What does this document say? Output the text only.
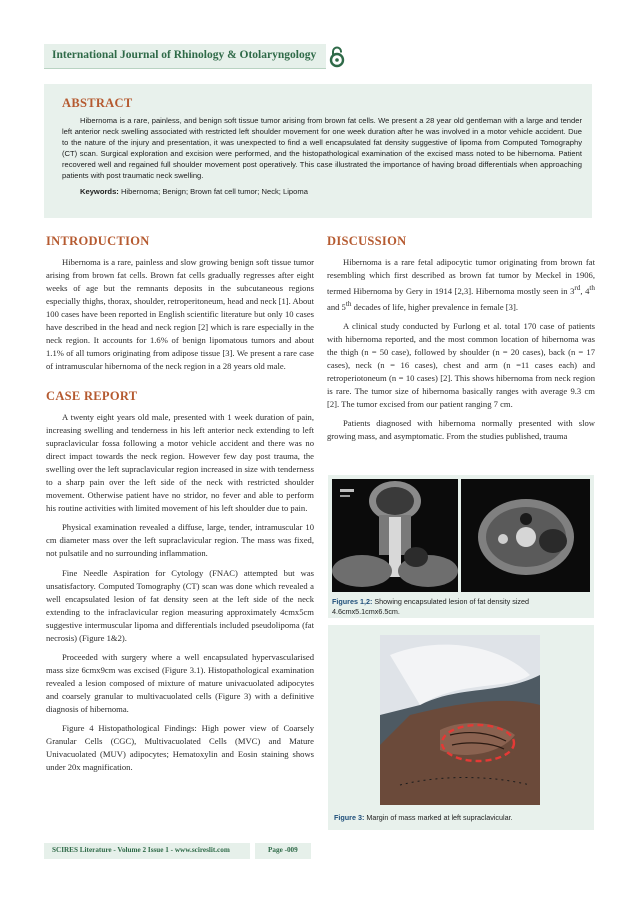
International Journal of Rhinology & Otolaryngology
ABSTRACT

Hibernoma is a rare, painless, and benign soft tissue tumor arising from brown fat cells. We present a 28 year old gentleman with a large and tender left anterior neck swelling associated with restricted left shoulder movement for one week duration after he was involved in a motor vehicle accident. Due to the nature of the injury and presentation, it was unexpected to find a well encapsulated fat density suggestive of lipoma from Computed Tomography (CT) scan. Surgical exploration and excision were performed, and the histopathological examination of the excised mass noted to be hibernoma. Patient recovered well and regained full shoulder movement post operatively. This case illustrated the importance of having broad differentials when approaching patients with post traumatic neck swelling.

Keywords: Hibernoma; Benign; Brown fat cell tumor; Neck; Lipoma
INTRODUCTION

Hibernoma is a rare, painless and slow growing benign soft tissue tumor arising from brown fat cells. Brown fat cells gradually regresses after eight weeks of age but the remnants deposits in the subcutaneous regions especially thighs, thorax, shoulder, retroperitoneum, head and neck [1]. About 100 cases have been reported in English scientific literature but only 10 cases have described in the head and neck region [2] which is rare especially in the neck region. It accounts for 1.6% of benign lipomatous tumors and about 1.1% of all tumors originating from adipose tissue [3]. We present a rare case of intramuscular hibernoma of the neck region in a 28 years old male.

CASE REPORT

A twenty eight years old male, presented with 1 week duration of pain, increasing swelling and tenderness in his left anterior neck extending to left supraclavicular fossa following a motor vehicle accident and there was no direct impact towards the neck region. However few day post trauma, the swelling over the left supraclavicular region increased in size with tenderness to a sharp pain over the left side of the neck with restricted shoulder movement. Otherwise patient have no stridor, no fever and able to perform his routine activities with limited movement of his left shoulder due to pain.

Physical examination revealed a diffuse, large, tender, intramuscular 10 cm diameter mass over the left supraclavicular region. The mass was fixed, not pulsatile and no surrounding inflammation.

Fine Needle Aspiration for Cytology (FNAC) attempted but was unsatisfactory. Computed Tomography (CT) scan was done which revealed a well encapsulated lesion of fat density seen at the left side of the neck extending to the infraclavicular region measuring approximately 4cmx5cm suggestive intermuscular lipoma and differentials included pseudolipoma (fat necrosis) (Figure 1&2).

Proceeded with surgery where a well encapsulated hypervascularised mass size 6cmx9cm was excised (Figure 3.1). Histopathological examination revealed a lesion composed of mixture of mature univacuolated adipocytes and coarsely granular to multivacuolated cells (Figure 3) with a definitive diagnosis of hibernoma.

Figure 4 Histopathological Findings: High power view of Coarsely Granular Cells (CGC), Multivacuolated Cells (MVC) and Mature Univacuolated (MUV) adipocytes; Hematoxylin and Eosin staining shows under 20x magnification.

DISCUSSION

Hibernoma is a rare fetal adipocytic tumor originating from brown fat resembling which first described as brown fat tumor by Meckel in 1906, termed Hibernoma by Gery in 1914 [2,3]. Hibernoma mostly seen in 3rd, 4th and 5th decades of life, higher prevalence in female [3].

A clinical study conducted by Furlong et al. total 170 case of patients with hibernoma reported, and the most common location of hibernoma was the thigh (n = 50 case), followed by shoulder (n = 20 cases), back (n = 17 cases), neck (n = 16 cases), chest and arm (n =11 cases each) and retroperiotoneum (n = 10 cases) [2]. This shows hibernoma from neck region is rare. The tumor size of hibernoma basically ranges with average 9.3 cm [2]. The tumor excised from our patient ranging 7 cm.

Patients diagnosed with hibernoma normally presented with slow growing mass, and asymptomatic. From the studies published, trauma

Figures 1,2: Showing encapsulated lesion of fat density sized 4.6cmx5.1cmx6.5cm.

Figure 3: Margin of mass marked at left supraclavicular.

SCIRES Literature - Volume 2 Issue 1 - www.scireslit.com	Page -009
